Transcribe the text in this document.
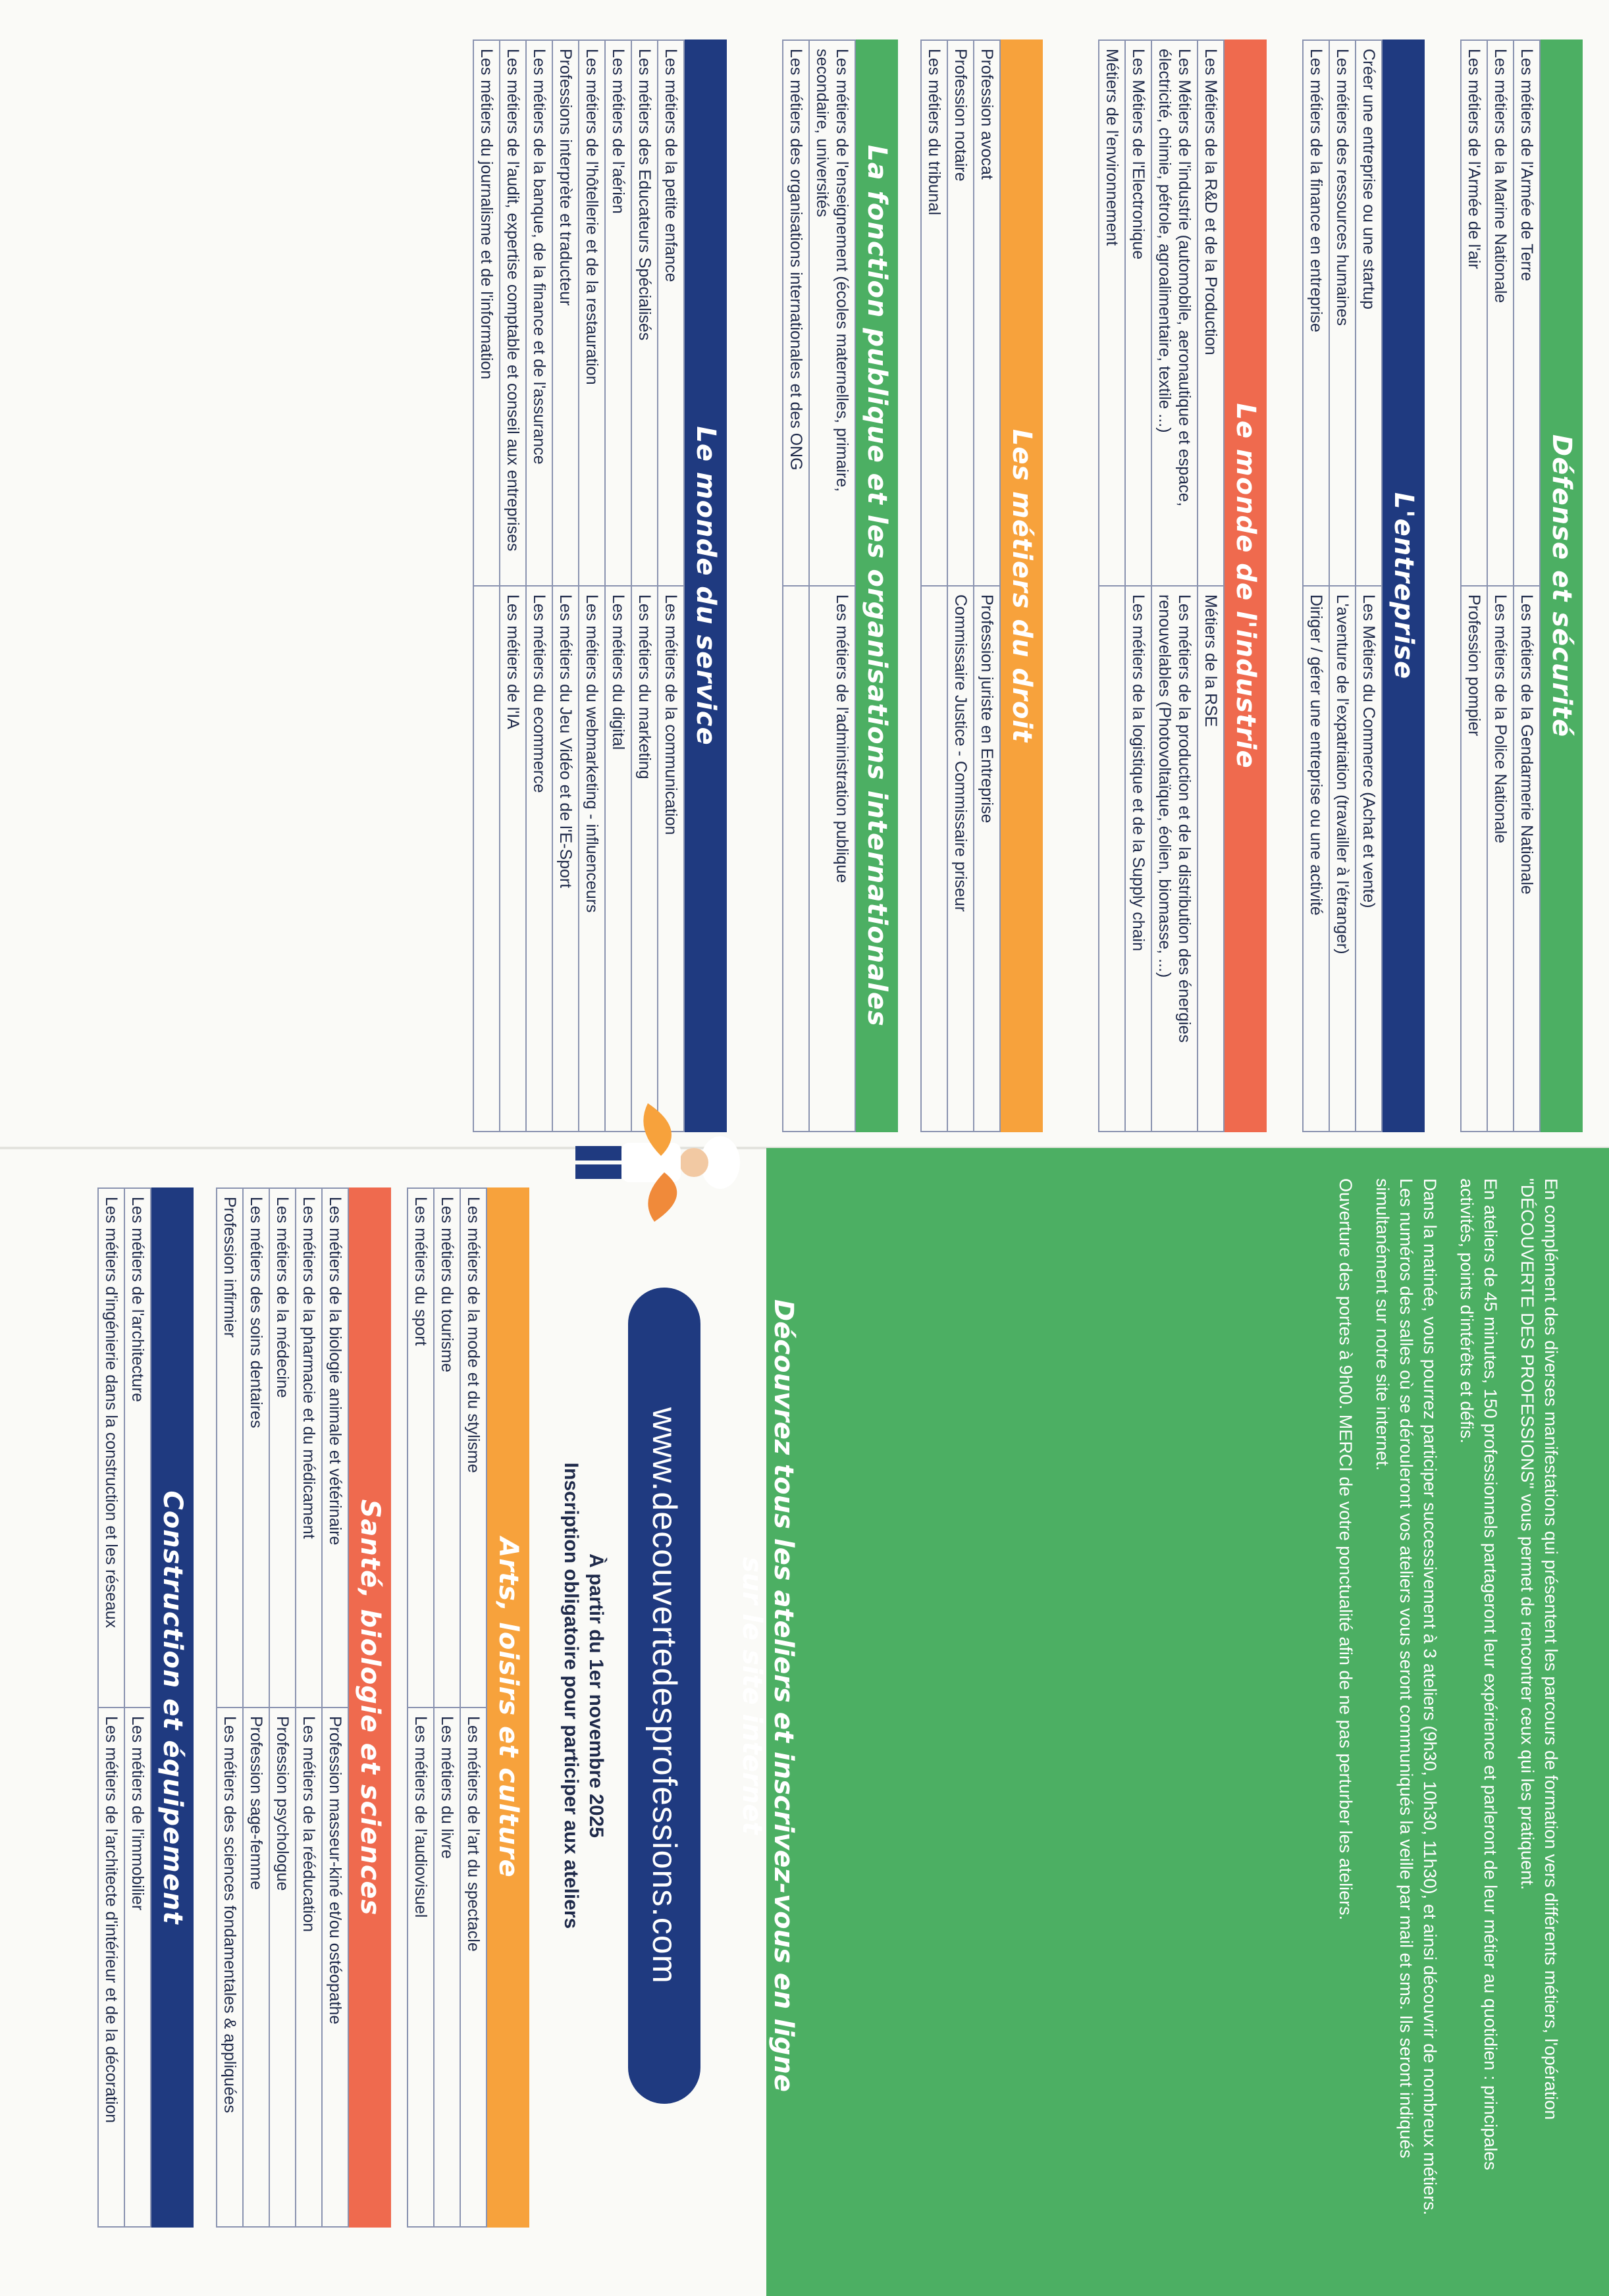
Défense et sécurité
Les métiers de l'Armée de Terre	Les métiers de la Gendarmerie Nationale
Les métiers de la Marine Nationale	Les métiers de la Police Nationale
Les métiers de l'Armée de l'air	Profession pompier
L'entreprise
Créer une entreprise ou une startup	Les Métiers du Commerce (Achat et vente)
Les métiers des ressources humaines	L'aventure de l'expatriation (travailler à l'étranger)
Les métiers de la finance en entreprise	Diriger / gérer une entreprise ou une activité
Le monde de l'industrie
Les Métiers de la R&D et de la Production	Métiers de la RSE
Les Métiers de l'industrie (automobile, aeronautique et espace, électricité, chimie, pétrole, agroalimentaire, textile ...)	Les métiers de la production et de la distribution des énergies renouvelables (Photovoltaïque, éolien, biomasse, ...)
Les Métiers de l'Electronique	Les métiers de la logistique et de la Supply chain
Métiers de l'environnement	
Les métiers du droit
Profession avocat	Profession juriste en Entreprise
Profession notaire	Commissaire Justice - Commissaire priseur
Les métiers du tribunal	
La fonction publique et les organisations internationales
Les métiers de l'enseignement (écoles maternelles, primaire, secondaire, universités	Les métiers de l'administration publique
Les métiers des organisations internationales et des ONG	
Le monde du service
Les métiers de la petite enfance	Les métiers de la communication
Les métiers des Educateurs Spécialisés	Les métiers du marketing
Les métiers de l'aérien	Les métiers du digital
Les métiers de l'hôtellerie et de la restauration	Les métiers du webmarketing - influenceurs
Professions interprète et traducteur	Les métiers du Jeu Vidéo et de l'E-Sport
Les métiers de la banque, de la finance et de l'assurance	Les métiers du ecommerce
Les métiers de l'audit, expertise comptable et conseil aux entreprises	Les métiers de l'IA
Les métiers du journalisme et de l'information	

En complément des diverses manifestations qui présentent les parcours de formation vers différents métiers, l'opération "DÉCOUVERTE DES PROFESSIONS" vous permet de rencontrer ceux qui les pratiquent.

En ateliers de 45 minutes, 150 professionnels partageront leur expérience et parleront de leur métier au quotidien : principales activités, points d'intérêts et défis.

Dans la matinée, vous pourrez participer successivement à 3 ateliers (9h30, 10h30, 11h30), et ainsi découvrir de nombreux métiers. Les numéros des salles où se dérouleront vos ateliers vous seront communiqués la veille par mail et sms. Ils seront indiqués simultanément sur notre site internet.

Ouverture des portes à 9h00. MERCI de votre ponctualité afin de ne pas perturber les ateliers.

Découvrez tous les ateliers et inscrivez-vous en ligne sur le site internet
www.decouvertedesprofessions.com
À partir du 1er novembre 2025
Inscription obligatoire pour participer aux ateliers
Arts, loisirs et culture
Les métiers de la mode et du stylisme	Les métiers de l'art du spectacle
Les métiers du tourisme	Les métiers du livre
Les métiers du sport	Les métiers de l'audiovisuel
Santé, biologie et sciences
Les métiers de la biologie animale et vétérinaire	Profession masseur-kiné et/ou ostéopathe
Les métiers de la pharmacie et du médicament	Les métiers de la rééducation
Les métiers de la médecine	Profession psychologue
Les métiers des soins dentaires	Profession sage-femme
Profession infirmier	Les métiers des sciences fondamentales & appliquées
Construction et équipement
Les métiers de l'architecture	Les métiers de l'immobilier
Les métiers d'ingénierie dans la construction et les réseaux	Les métiers de l'architecte d'intérieur et de la décoration
